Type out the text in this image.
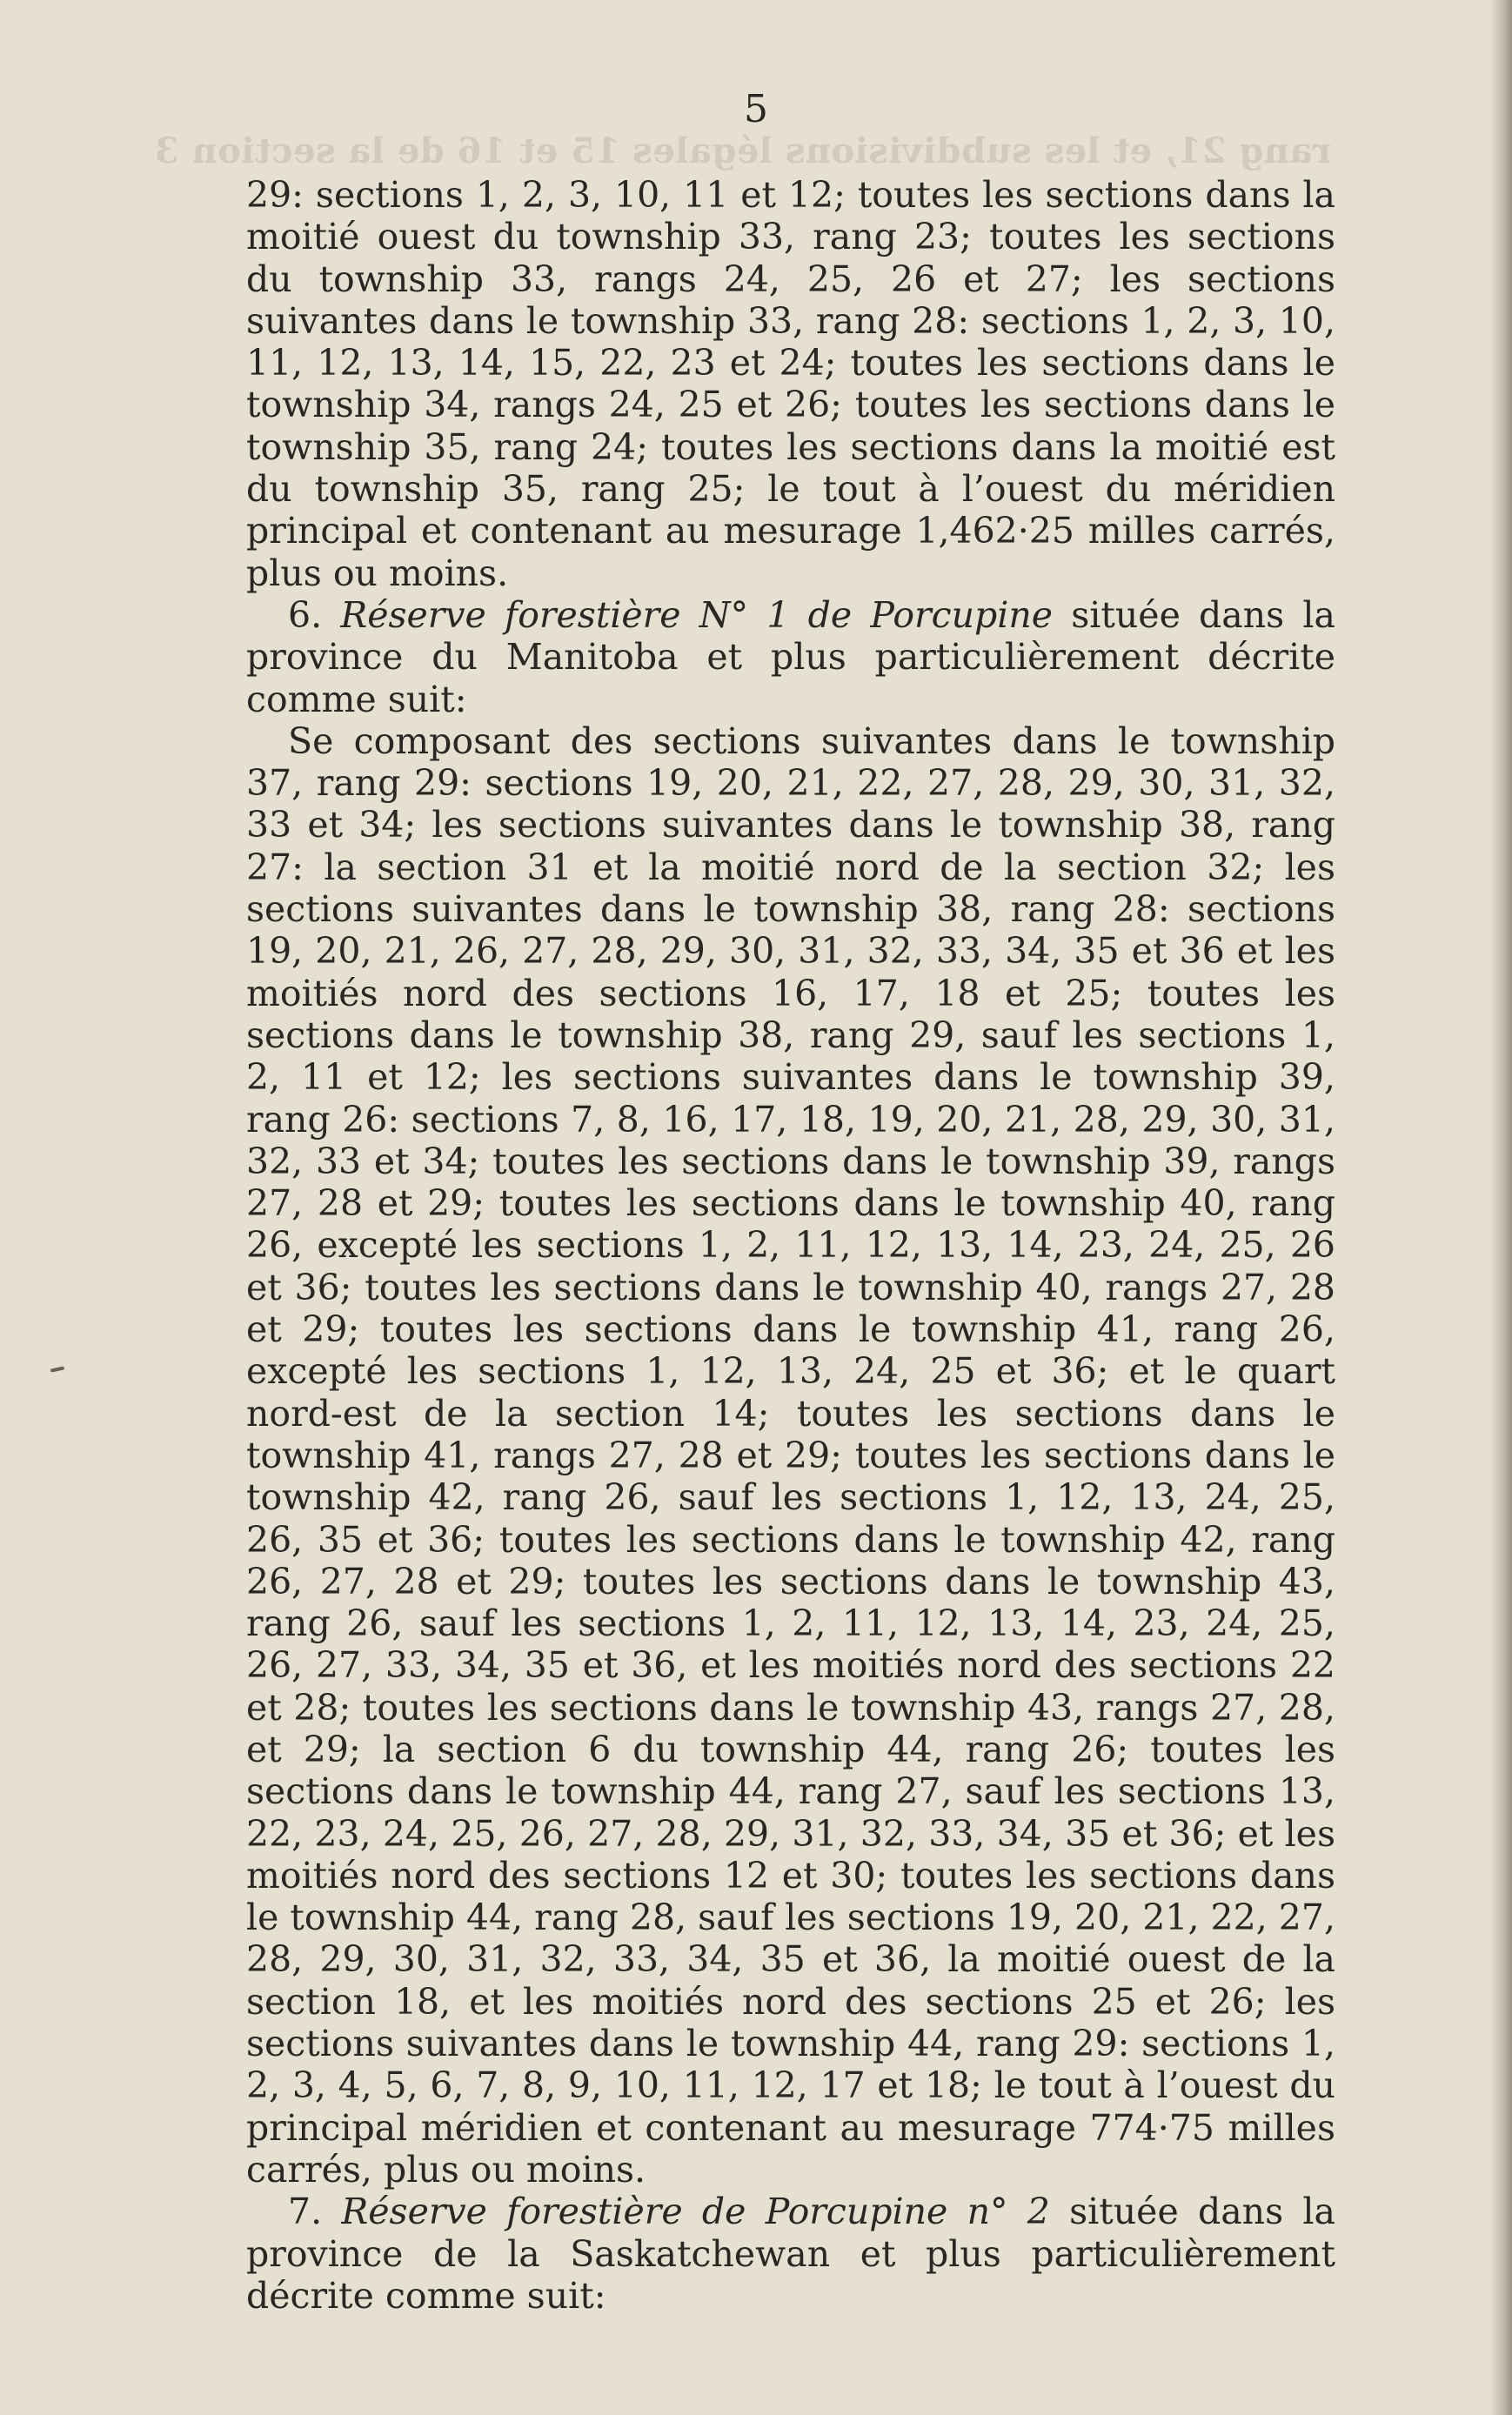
rang 21, et les subdivisions légales 15 et 16 de la section 3
5

29: sections 1, 2, 3, 10, 11 et 12; toutes les sections dans la moitié ouest du township 33, rang 23; toutes les sections du township 33, rangs 24, 25, 26 et 27; les sections suivantes dans le township 33, rang 28: sections 1, 2, 3, 10, 11, 12, 13, 14, 15, 22, 23 et 24; toutes les sections dans le township 34, rangs 24, 25 et 26; toutes les sections dans le township 35, rang 24; toutes les sections dans la moitié est du township 35, rang 25; le tout à l’ouest du méridien principal et contenant au mesurage 1,462·25 milles carrés, plus ou moins.

6. Réserve forestière N° 1 de Porcupine située dans la province du Manitoba et plus particulièrement décrite comme suit:

Se composant des sections suivantes dans le township 37, rang 29: sections 19, 20, 21, 22, 27, 28, 29, 30, 31, 32, 33 et 34; les sections suivantes dans le township 38, rang 27: la section 31 et la moitié nord de la section 32; les sections suivantes dans le township 38, rang 28: sections 19, 20, 21, 26, 27, 28, 29, 30, 31, 32, 33, 34, 35 et 36 et les moitiés nord des sections 16, 17, 18 et 25; toutes les sections dans le township 38, rang 29, sauf les sections 1, 2, 11 et 12; les sections suivantes dans le township 39, rang 26: sections 7, 8, 16, 17, 18, 19, 20, 21, 28, 29, 30, 31, 32, 33 et 34; toutes les sections dans le township 39, rangs 27, 28 et 29; toutes les sections dans le township 40, rang 26, excepté les sections 1, 2, 11, 12, 13, 14, 23, 24, 25, 26 et 36; toutes les sections dans le township 40, rangs 27, 28 et 29; toutes les sections dans le township 41, rang 26, excepté les sections 1, 12, 13, 24, 25 et 36; et le quart nord-est de la section 14; toutes les sections dans le township 41, rangs 27, 28 et 29; toutes les sections dans le township 42, rang 26, sauf les sections 1, 12, 13, 24, 25, 26, 35 et 36; toutes les sections dans le township 42, rang 26, 27, 28 et 29; toutes les sections dans le township 43, rang 26, sauf les sections 1, 2, 11, 12, 13, 14, 23, 24, 25, 26, 27, 33, 34, 35 et 36, et les moitiés nord des sections 22 et 28; toutes les sections dans le township 43, rangs 27, 28, et 29; la section 6 du township 44, rang 26; toutes les sections dans le township 44, rang 27, sauf les sections 13, 22, 23, 24, 25, 26, 27, 28, 29, 31, 32, 33, 34, 35 et 36; et les moitiés nord des sections 12 et 30; toutes les sections dans le township 44, rang 28, sauf les sections 19, 20, 21, 22, 27, 28, 29, 30, 31, 32, 33, 34, 35 et 36, la moitié ouest de la section 18, et les moitiés nord des sections 25 et 26; les sections suivantes dans le township 44, rang 29: sections 1, 2, 3, 4, 5, 6, 7, 8, 9, 10, 11, 12, 17 et 18; le tout à l’ouest du principal méridien et contenant au mesurage 774·75 milles carrés, plus ou moins.

7. Réserve forestière de Porcupine n° 2 située dans la province de la Saskatchewan et plus particulièrement décrite comme suit:
